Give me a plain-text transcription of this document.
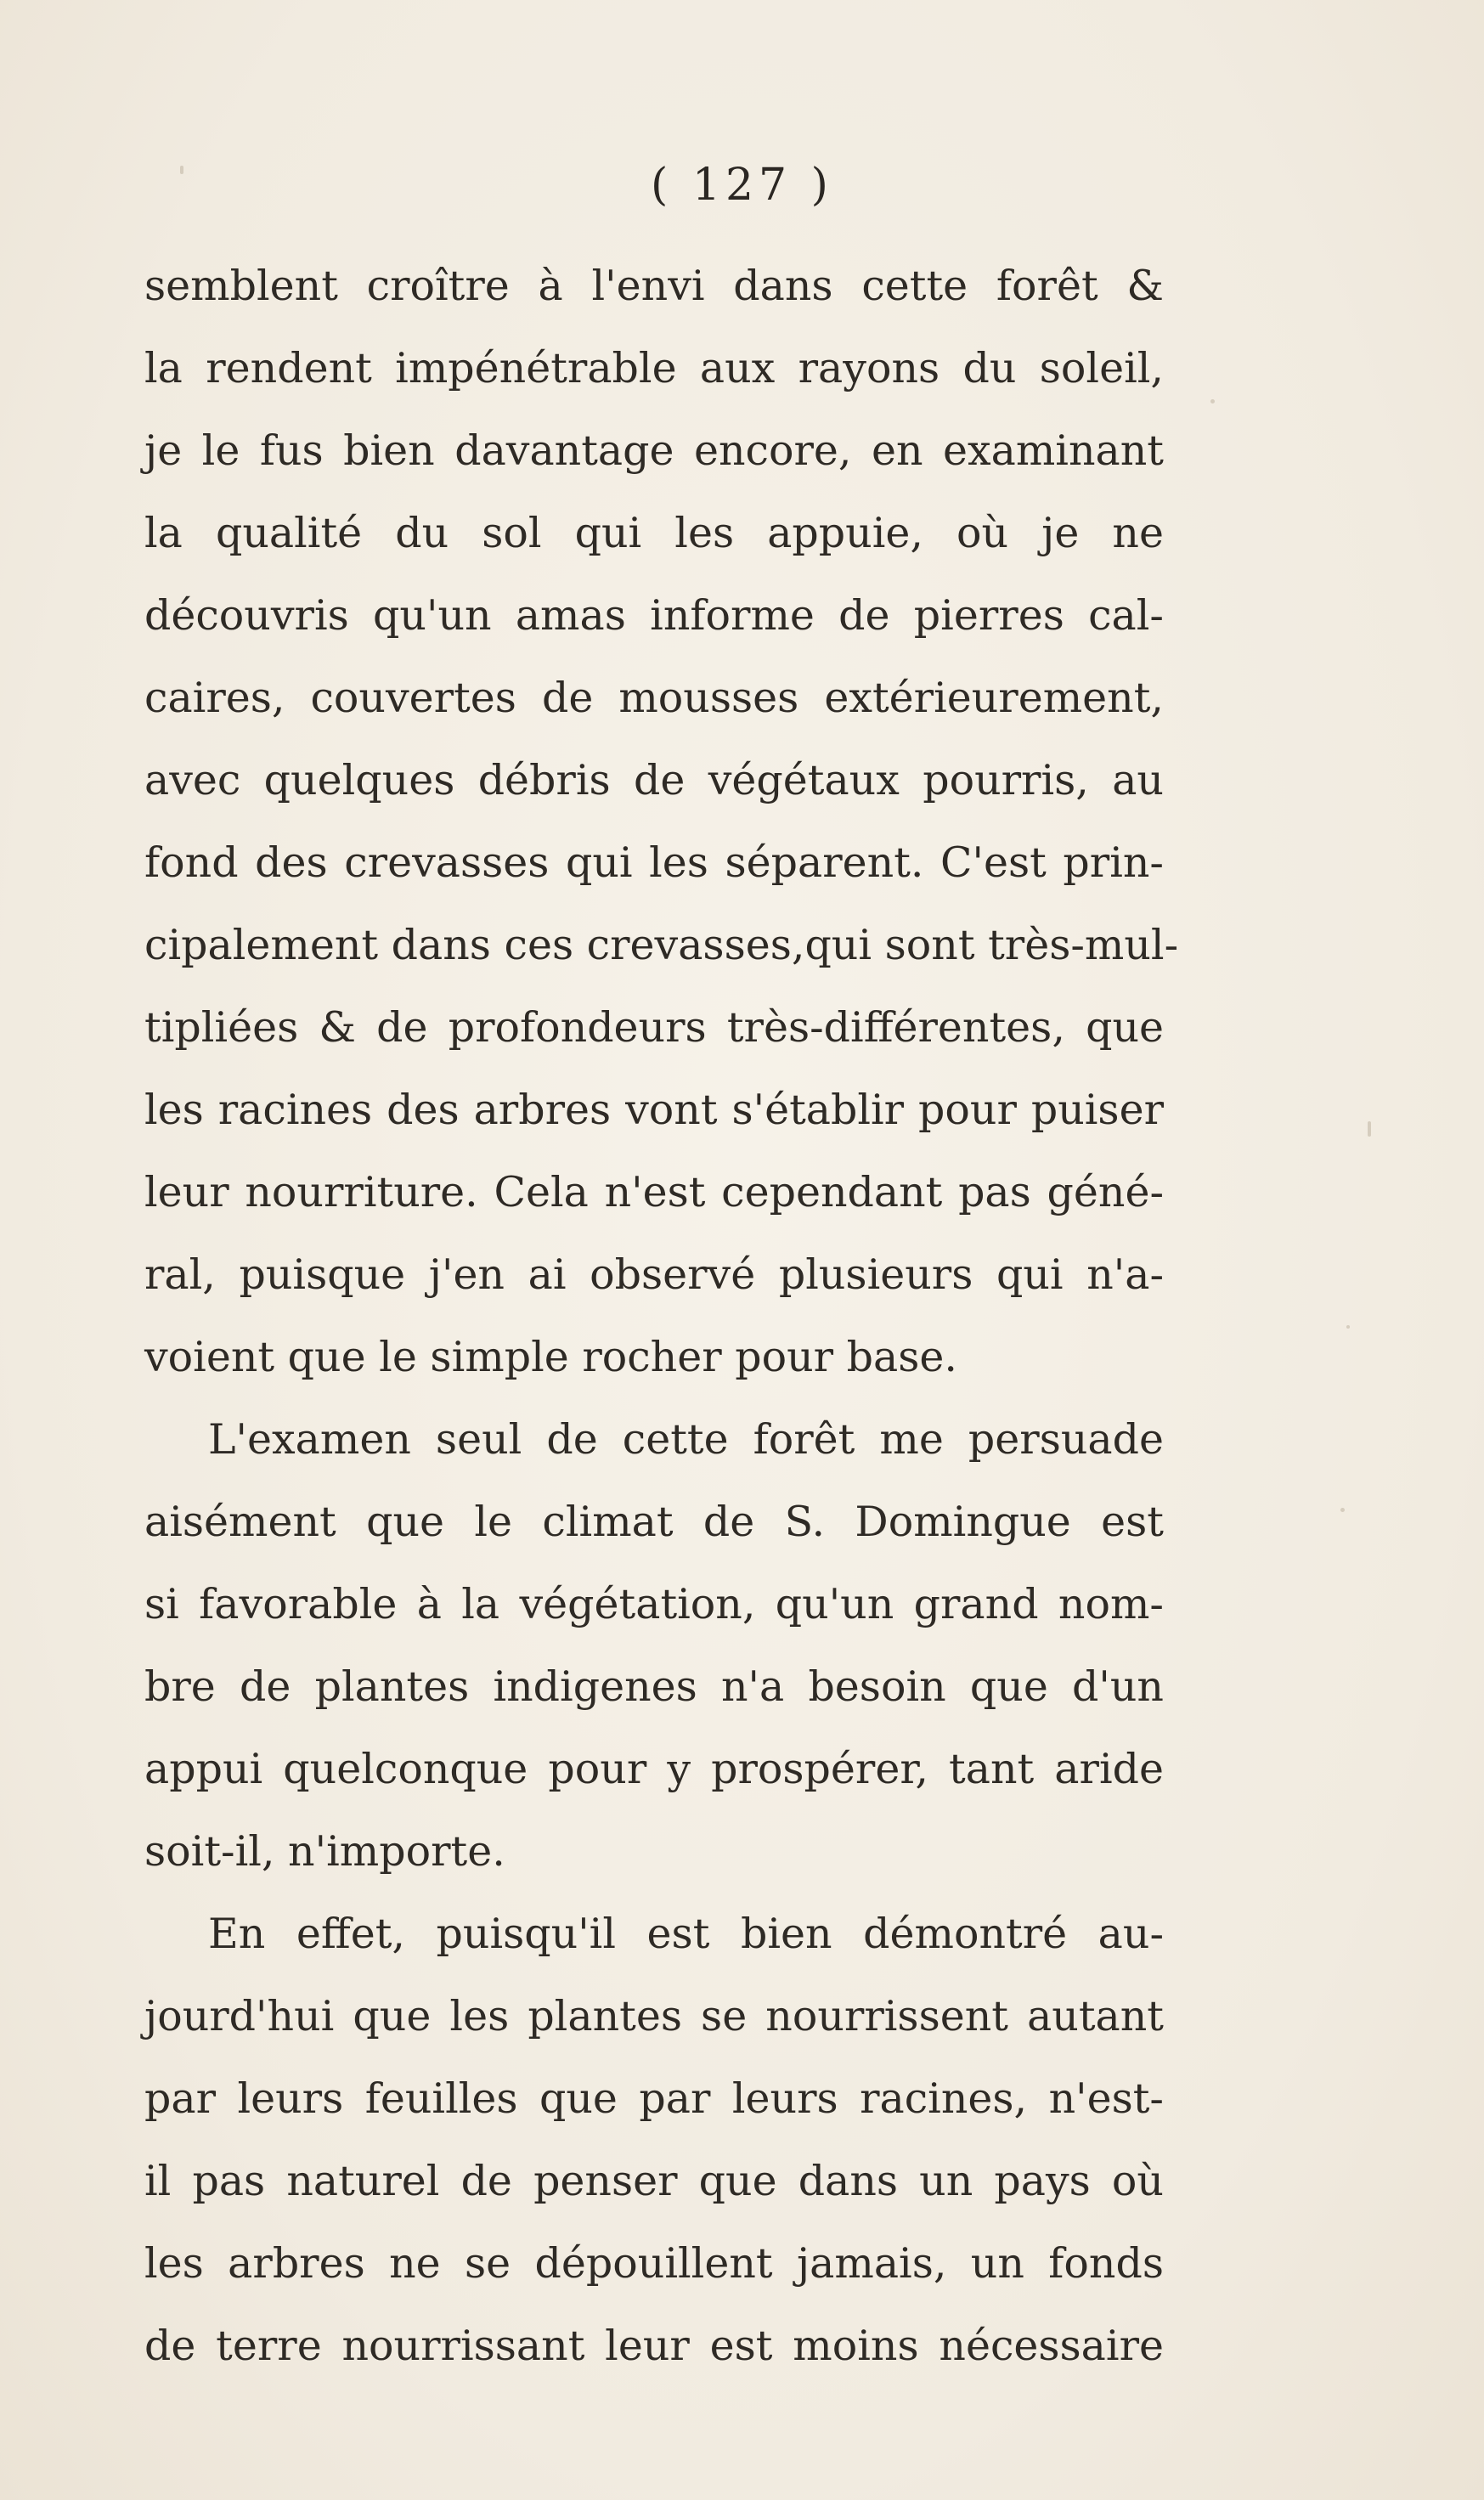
( 127 )
semblent croître à l'envi dans cette forêt &
la rendent impénétrable aux rayons du soleil,
je le fus bien davantage encore, en examinant
la qualité du sol qui les appuie, où je ne
découvris qu'un amas informe de pierres cal-
caires, couvertes de mousses extérieurement,
avec quelques débris de végétaux pourris, au
fond des crevasses qui les séparent. C'est prin-
cipalement dans ces crevasses,qui sont très-mul-
tipliées & de profondeurs très-différentes, que
les racines des arbres vont s'établir pour puiser
leur nourriture. Cela n'est cependant pas géné-
ral, puisque j'en ai observé plusieurs qui n'a-
voient que le simple rocher pour base.
L'examen seul de cette forêt me persuade
aisément que le climat de S. Domingue est
si favorable à la végétation, qu'un grand nom-
bre de plantes indigenes n'a besoin que d'un
appui quelconque pour y prospérer, tant aride
soit-il, n'importe.
En effet, puisqu'il est bien démontré au-
jourd'hui que les plantes se nourrissent autant
par leurs feuilles que par leurs racines, n'est-
il pas naturel de penser que dans un pays où
les arbres ne se dépouillent jamais, un fonds
de terre nourrissant leur est moins nécessaire
